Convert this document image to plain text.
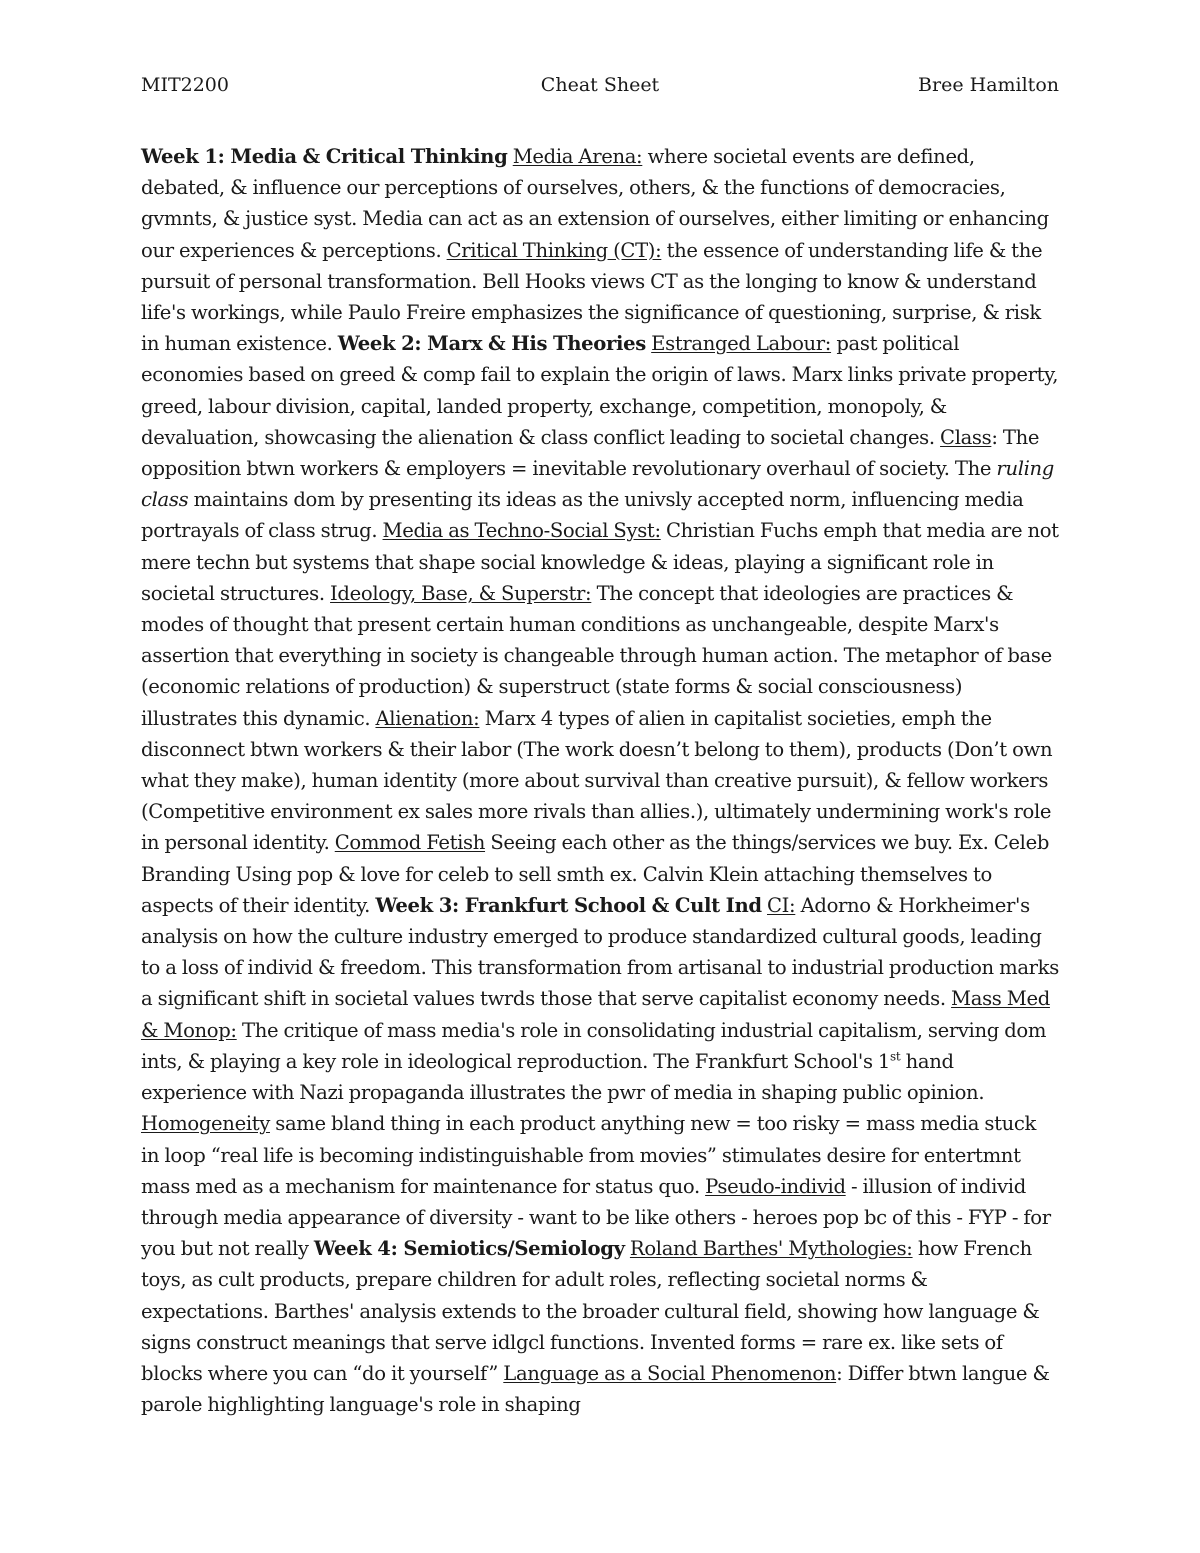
MIT2200	Cheat Sheet	Bree Hamilton
Week 1: Media & Critical Thinking Media Arena: where societal events are defined, debated, & influence our perceptions of ourselves, others, & the functions of democracies, gvmnts, & justice syst. Media can act as an extension of ourselves, either limiting or enhancing our experiences & perceptions. Critical Thinking (CT): the essence of understanding life & the pursuit of personal transformation. Bell Hooks views CT as the longing to know & understand life's workings, while Paulo Freire emphasizes the significance of questioning, surprise, & risk in human existence. Week 2: Marx & His Theories Estranged Labour: past political economies based on greed & comp fail to explain the origin of laws. Marx links private property, greed, labour division, capital, landed property, exchange, competition, monopoly, & devaluation, showcasing the alienation & class conflict leading to societal changes. Class: The opposition btwn workers & employers = inevitable revolutionary overhaul of society. The ruling class maintains dom by presenting its ideas as the univsly accepted norm, influencing media portrayals of class strug. Media as Techno-Social Syst: Christian Fuchs emph that media are not mere techn but systems that shape social knowledge & ideas, playing a significant role in societal structures. Ideology, Base, & Superstr: The concept that ideologies are practices & modes of thought that present certain human conditions as unchangeable, despite Marx's assertion that everything in society is changeable through human action. The metaphor of base (economic relations of production) & superstruct (state forms & social consciousness) illustrates this dynamic. Alienation: Marx 4 types of alien in capitalist societies, emph the disconnect btwn workers & their labor (The work doesn’t belong to them), products (Don’t own what they make), human identity (more about survival than creative pursuit), & fellow workers (Competitive environment ex sales more rivals than allies.), ultimately undermining work's role in personal identity. Commod Fetish Seeing each other as the things/services we buy. Ex. Celeb Branding Using pop & love for celeb to sell smth ex. Calvin Klein attaching themselves to aspects of their identity. Week 3: Frankfurt School & Cult Ind CI: Adorno & Horkheimer's analysis on how the culture industry emerged to produce standardized cultural goods, leading to a loss of individ & freedom. This transformation from artisanal to industrial production marks a significant shift in societal values twrds those that serve capitalist economy needs. Mass Med & Monop: The critique of mass media's role in consolidating industrial capitalism, serving dom ints, & playing a key role in ideological reproduction. The Frankfurt School's 1st hand experience with Nazi propaganda illustrates the pwr of media in shaping public opinion. Homogeneity same bland thing in each product anything new = too risky = mass media stuck in loop “real life is becoming indistinguishable from movies” stimulates desire for entertmnt mass med as a mechanism for maintenance for status quo. Pseudo-individ - illusion of individ through media appearance of diversity - want to be like others - heroes pop bc of this - FYP - for you but not really Week 4: Semiotics/Semiology Roland Barthes' Mythologies: how French toys, as cult products, prepare children for adult roles, reflecting societal norms & expectations. Barthes' analysis extends to the broader cultural field, showing how language & signs construct meanings that serve idlgcl functions. Invented forms = rare ex. like sets of blocks where you can “do it yourself” Language as a Social Phenomenon: Differ btwn langue & parole highlighting language's role in shaping
